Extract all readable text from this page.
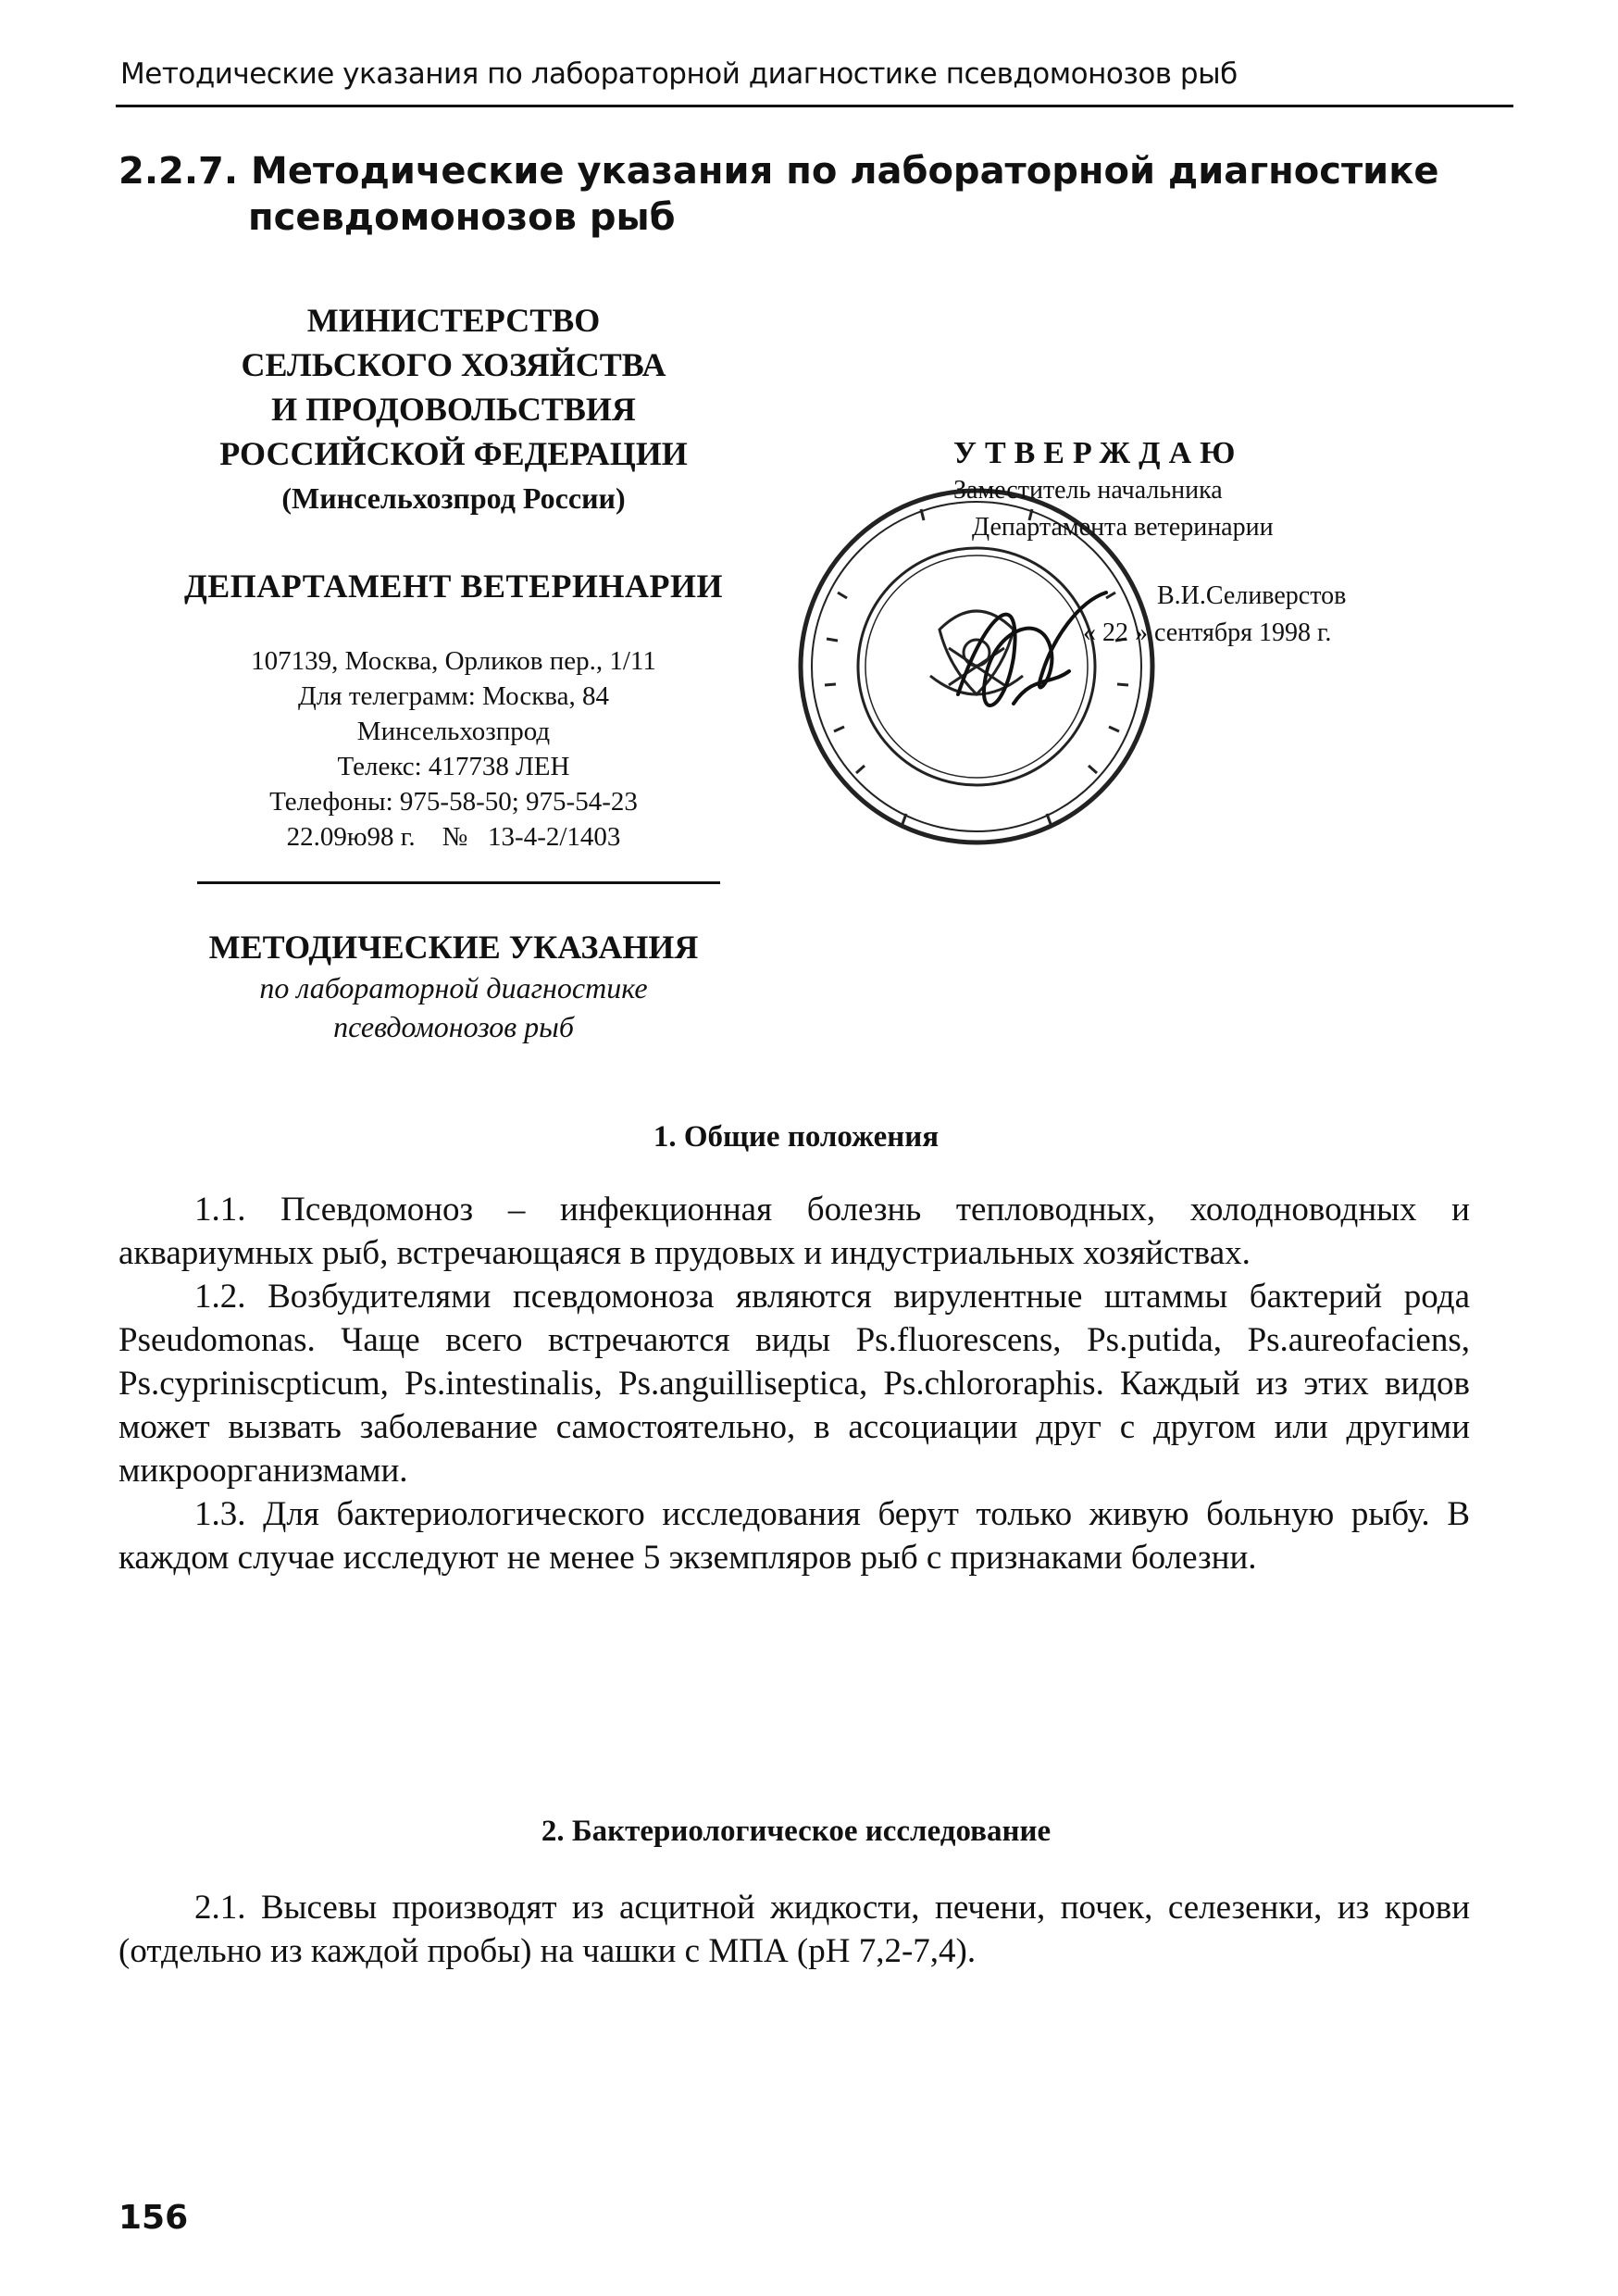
Методические указания по лабораторной диагностике псевдомонозов рыб
2.2.7. Методические указания по лабораторной диагностике
псевдомонозов рыб
МИНИСТЕРСТВО
СЕЛЬСКОГО ХОЗЯЙСТВА
И ПРОДОВОЛЬСТВИЯ
РОССИЙСКОЙ ФЕДЕРАЦИИ
(Минсельхозпрод России)
ДЕПАРТАМЕНТ ВЕТЕРИНАРИИ
107139, Москва, Орликов пер., 1/11
Для телеграмм: Москва, 84
Минсельхозпрод
Телекс: 417738 ЛЕН
Телефоны: 975-58-50; 975-54-23
22.09ю98 г.    №   13-4-2/1403
УТВЕРЖДАЮ
Заместитель начальника
Департамента ветеринарии
В.И.Селиверстов
« 22 » сентября 1998 г.
МЕТОДИЧЕСКИЕ УКАЗАНИЯ
по лабораторной диагностике
псевдомонозов рыб
1. Общие положения

1.1. Псевдомоноз – инфекционная болезнь тепловодных, холодноводных и аквариумных рыб, встречающаяся в прудовых и индустриальных хозяйствах.

1.2. Возбудителями псевдомоноза являются вирулентные штаммы бактерий рода Pseudomonas. Чаще всего встречаются виды Ps.fluorescens, Ps.putida, Ps.aureofaciens, Ps.cypriniscpticum, Ps.intestinalis, Ps.anguilliseptica, Ps.chlororaphis. Каждый из этих видов может вызвать заболевание самостоятельно, в ассоциации друг с другом или другими микроорганизмами.

1.3. Для бактериологического исследования берут только живую больную рыбу. В каждом случае исследуют не менее 5 экземпляров рыб с признаками болезни.

2. Бактериологическое исследование

2.1. Высевы производят из асцитной жидкости, печени, почек, селезенки, из крови (отдельно из каждой пробы) на чашки с МПА (рН 7,2-7,4).

156
